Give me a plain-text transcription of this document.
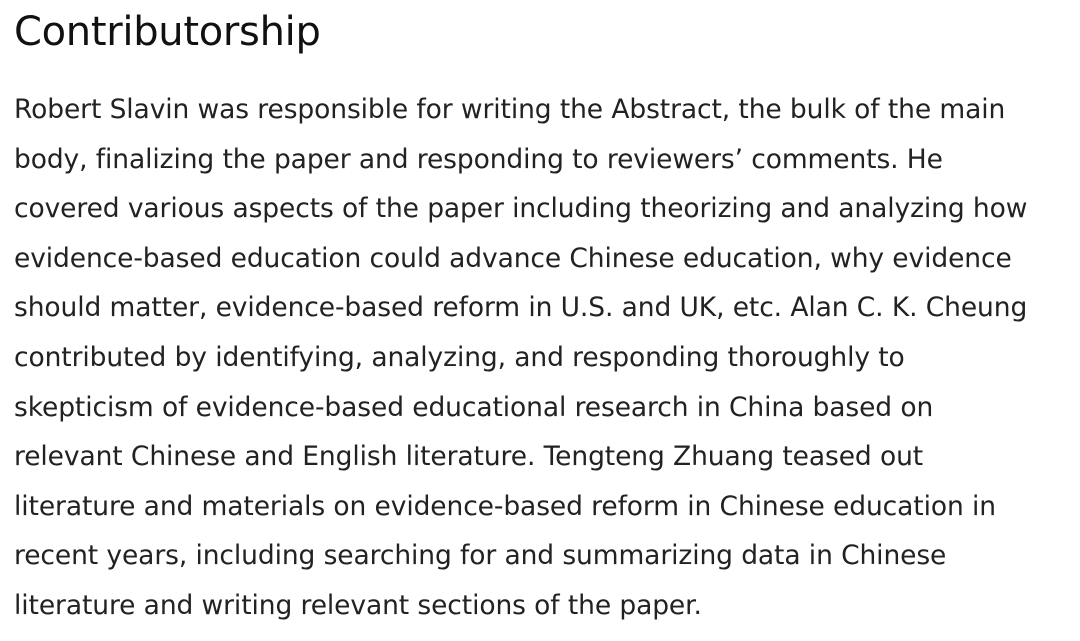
Contributorship

Robert Slavin was responsible for writing the Abstract, the bulk of the main
body, finalizing the paper and responding to reviewers’ comments. He
covered various aspects of the paper including theorizing and analyzing how
evidence-based education could advance Chinese education, why evidence
should matter, evidence-based reform in U.S. and UK, etc. Alan C. K. Cheung
contributed by identifying, analyzing, and responding thoroughly to
skepticism of evidence-based educational research in China based on
relevant Chinese and English literature. Tengteng Zhuang teased out
literature and materials on evidence-based reform in Chinese education in
recent years, including searching for and summarizing data in Chinese
literature and writing relevant sections of the paper.
